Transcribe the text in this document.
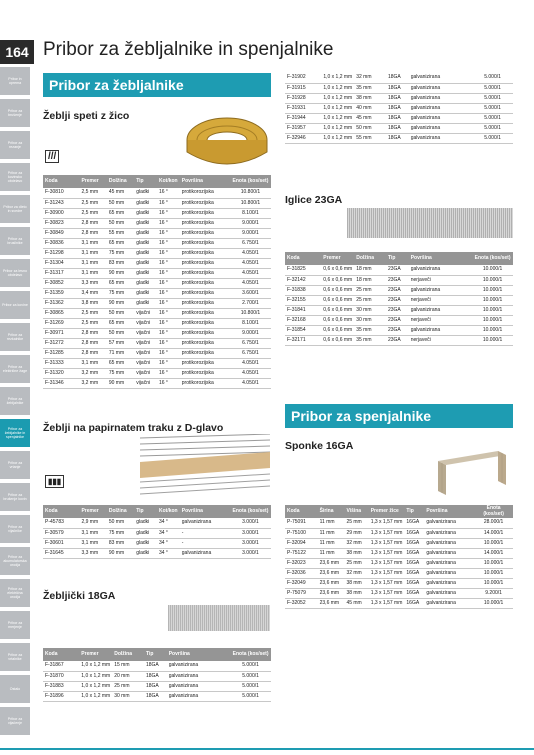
164 Pribor za žebljalnike in spenjalnike
Pribor in oprema
Pribor za brušenje
Pribor za rezanje
Pribor za kovinsko obdelavo
Pribor za dleto in svedre
Pribor za brusilnike
Pribor za lesno obdelavo
Pribor za kovine
Pribor za rezkalnike
Pribor za električne žage
Pribor za žebljalnike
Pribor za žebljalnike in spenjalnike
Pribor za vrtanje
Pribor za brušenje kovin
Pribor za vijačnike
Pribor za akumulatorska orodja
Pribor za električna orodja
Pribor za merjenje
Pribor za vrtalnike
Ostalo
Pribor za vijačenje
Pribor za žebljalnike
Žeblji speti z žico
///
Koda	Premer	Dolžina	Tip	Kot/kon	Površina	Enota (kos/set)
F-30810	2,5 mm	45 mm	gladki	16 °	protikorozijska	10.800/1
F-31243	2,5 mm	50 mm	gladki	16 °	protikorozijska	10.800/1
F-30900	2,5 mm	65 mm	gladki	16 °	protikorozijska	8.100/1
F-30823	2,8 mm	50 mm	gladki	16 °	protikorozijska	9.000/1
F-30849	2,8 mm	55 mm	gladki	16 °	protikorozijska	9.000/1
F-30836	3,1 mm	65 mm	gladki	16 °	protikorozijska	6.750/1
F-31298	3,1 mm	75 mm	gladki	16 °	protikorozijska	4.050/1
F-31304	3,1 mm	83 mm	gladki	16 °	protikorozijska	4.050/1
F-31317	3,1 mm	90 mm	gladki	16 °	protikorozijska	4.050/1
F-30852	3,3 mm	65 mm	gladki	16 °	protikorozijska	4.050/1
F-31359	3,4 mm	75 mm	gladki	16 °	protikorozijska	3.600/1
F-31362	3,8 mm	90 mm	gladki	16 °	protikorozijska	2.700/1
F-30865	2,5 mm	50 mm	vijačni	16 °	protikorozijska	10.800/1
F-31269	2,5 mm	65 mm	vijačni	16 °	protikorozijska	8.100/1
F-30971	2,8 mm	50 mm	vijačni	16 °	protikorozijska	9.000/1
F-31272	2,8 mm	57 mm	vijačni	16 °	protikorozijska	6.750/1
F-31285	2,8 mm	71 mm	vijačni	16 °	protikorozijska	6.750/1
F-31333	3,1 mm	65 mm	vijačni	16 °	protikorozijska	4.050/1
F-31320	3,2 mm	75 mm	vijačni	16 °	protikorozijska	4.050/1
F-31346	3,2 mm	90 mm	vijačni	16 °	protikorozijska	4.050/1
Žeblji na papirnatem traku z D-glavo
▮▮▮
Koda	Premer	Dolžina	Tip	Kot/kon	Površina	Enota (kos/set)
P-45783	2,9 mm	50 mm	gladki	34 °	galvanizirana	3.000/1
F-30579	3,1 mm	75 mm	gladki	34 °	-	3.000/1
F-30601	3,1 mm	83 mm	gladki	34 °	-	3.000/1
F-31645	3,3 mm	90 mm	gladki	34 °	galvanizirana	3.000/1
Žebljički 18GA
Koda	Premer	Dolžina	Tip	Površina	Enota (kos/set)
F-31867	1,0 x 1,2 mm	15 mm	18GA	galvanizirana	5.000/1
F-31870	1,0 x 1,2 mm	20 mm	18GA	galvanizirana	5.000/1
F-31883	1,0 x 1,2 mm	25 mm	18GA	galvanizirana	5.000/1
F-31896	1,0 x 1,2 mm	30 mm	18GA	galvanizirana	5.000/1
F-31902	1,0 x 1,2 mm	32 mm	18GA	galvanizirana	5.000/1
F-31915	1,0 x 1,2 mm	35 mm	18GA	galvanizirana	5.000/1
F-31928	1,0 x 1,2 mm	38 mm	18GA	galvanizirana	5.000/1
F-31931	1,0 x 1,2 mm	40 mm	18GA	galvanizirana	5.000/1
F-31944	1,0 x 1,2 mm	45 mm	18GA	galvanizirana	5.000/1
F-31957	1,0 x 1,2 mm	50 mm	18GA	galvanizirana	5.000/1
F-32946	1,0 x 1,2 mm	55 mm	18GA	galvanizirana	5.000/1
Iglice 23GA
Koda	Premer	Dolžina	Tip	Površina	Enota (kos/set)
F-31825	0,6 x 0,6 mm	18 mm	23GA	galvanizirana	10.000/1
F-32142	0,6 x 0,6 mm	18 mm	23GA	nerjaveči	10.000/1
F-31838	0,6 x 0,6 mm	25 mm	23GA	galvanizirana	10.000/1
F-32155	0,6 x 0,6 mm	25 mm	23GA	nerjaveči	10.000/1
F-31841	0,6 x 0,6 mm	30 mm	23GA	galvanizirana	10.000/1
F-32168	0,6 x 0,6 mm	30 mm	23GA	nerjaveči	10.000/1
F-31854	0,6 x 0,6 mm	35 mm	23GA	galvanizirana	10.000/1
F-32171	0,6 x 0,6 mm	35 mm	23GA	nerjaveči	10.000/1
Pribor za spenjalnike
Sponke 16GA
Koda	Širina	Višina	Premer žice	Tip	Površina	Enota (kos/set)
P-75091	11 mm	25 mm	1,3 x 1,57 mm	16GA	galvanizirana	28.000/1
P-75100	11 mm	29 mm	1,3 x 1,57 mm	16GA	galvanizirana	14.000/1
F-32094	11 mm	32 mm	1,3 x 1,57 mm	16GA	galvanizirana	10.000/1
P-75122	11 mm	38 mm	1,3 x 1,57 mm	16GA	galvanizirana	14.000/1
F-32023	23,6 mm	25 mm	1,3 x 1,57 mm	16GA	galvanizirana	10.000/1
F-32036	23,6 mm	32 mm	1,3 x 1,57 mm	16GA	galvanizirana	10.000/1
F-32049	23,6 mm	38 mm	1,3 x 1,57 mm	16GA	galvanizirana	10.000/1
P-75079	23,6 mm	38 mm	1,3 x 1,57 mm	16GA	galvanizirana	9.200/1
F-32052	23,6 mm	45 mm	1,3 x 1,57 mm	16GA	galvanizirana	10.000/1
